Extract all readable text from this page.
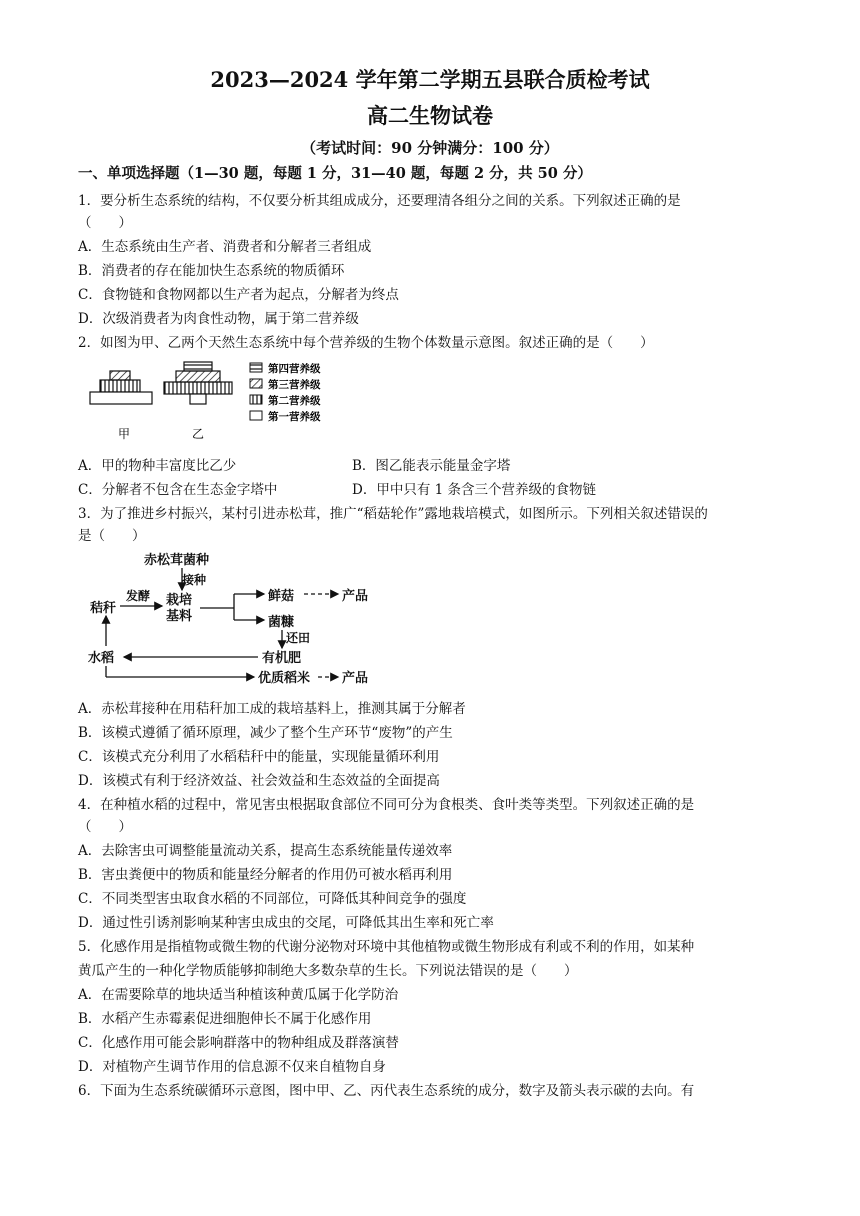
2023—2024 学年第二学期五县联合质检考试
高二生物试卷
（考试时间：90 分钟满分：100 分）
一、单项选择题（1—30 题，每题 1 分，31—40 题，每题 2 分，共 50 分）
1．要分析生态系统的结构，不仅要分析其组成成分，还要理清各组分之间的关系。下列叙述正确的是
（　　）
A．生态系统由生产者、消费者和分解者三者组成
B．消费者的存在能加快生态系统的物质循环
C．食物链和食物网都以生产者为起点，分解者为终点
D．次级消费者为肉食性动物，属于第二营养级
2．如图为甲、乙两个天然生态系统中每个营养级的生物个体数量示意图。叙述正确的是（　　）
甲	乙
第四营养级
第三营养级
第二营养级
第一营养级
A．甲的物种丰富度比乙少	B．图乙能表示能量金字塔
C．分解者不包含在生态金字塔中	D．甲中只有 1 条含三个营养级的食物链
3．为了推进乡村振兴，某村引进赤松茸，推广“稻菇轮作”露地栽培模式，如图所示。下列相关叙述错误的
是（　　）
赤松茸菌种
接种
秸秆
发酵 栽培
基料
鲜菇	产品
菌糠
还田
有机肥
水稻
优质稻米 产品
A．赤松茸接种在用秸秆加工成的栽培基料上，推测其属于分解者
B．该模式遵循了循环原理，减少了整个生产环节“废物”的产生
C．该模式充分利用了水稻秸秆中的能量，实现能量循环利用
D．该模式有利于经济效益、社会效益和生态效益的全面提高
4．在种植水稻的过程中，常见害虫根据取食部位不同可分为食根类、食叶类等类型。下列叙述正确的是
（　　）
A．去除害虫可调整能量流动关系，提高生态系统能量传递效率
B．害虫粪便中的物质和能量经分解者的作用仍可被水稻再利用
C．不同类型害虫取食水稻的不同部位，可降低其种间竞争的强度
D．通过性引诱剂影响某种害虫成虫的交尾，可降低其出生率和死亡率
5．化感作用是指植物或微生物的代谢分泌物对环境中其他植物或微生物形成有利或不利的作用，如某种
黄瓜产生的一种化学物质能够抑制绝大多数杂草的生长。下列说法错误的是（　　）
A．在需要除草的地块适当种植该种黄瓜属于化学防治
B．水稻产生赤霉素促进细胞伸长不属于化感作用
C．化感作用可能会影响群落中的物种组成及群落演替
D．对植物产生调节作用的信息源不仅来自植物自身
6．下面为生态系统碳循环示意图，图中甲、乙、丙代表生态系统的成分，数字及箭头表示碳的去向。有
